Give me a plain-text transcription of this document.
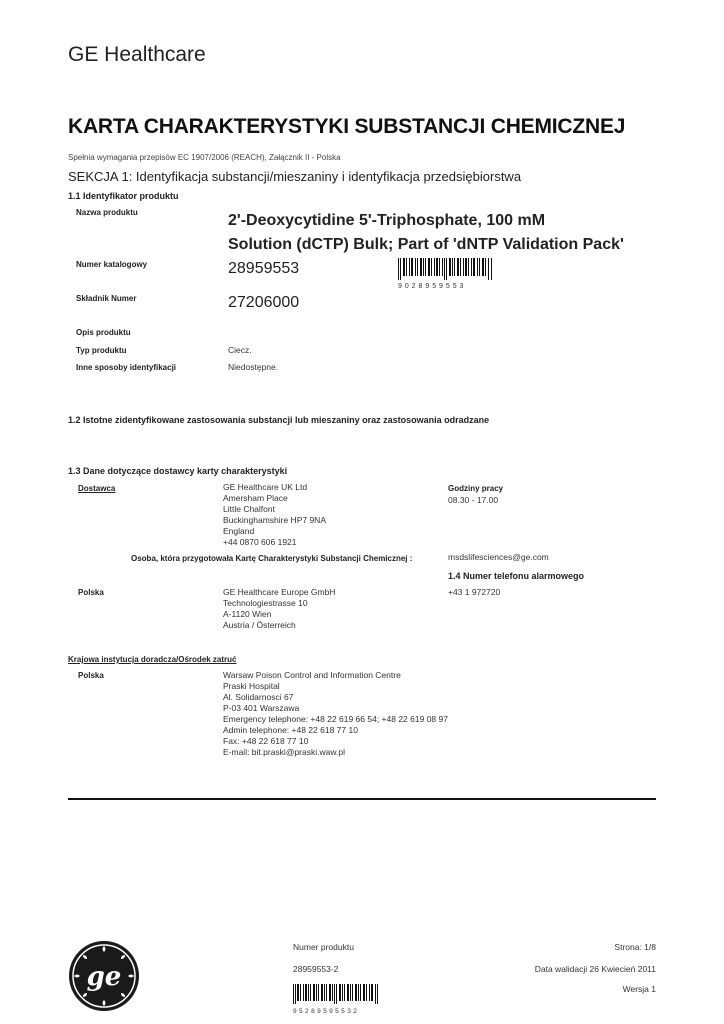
GE Healthcare
KARTA CHARAKTERYSTYKI SUBSTANCJI CHEMICZNEJ
Spełnia wymagania przepisów EC 1907/2006 (REACH), Załącznik II - Polska
SEKCJA 1: Identyfikacja substancji/mieszaniny i identyfikacja przedsiębiorstwa
1.1 Identyfikator produktu
Nazwa produktu	2'-Deoxycytidine 5'-Triphosphate, 100 mM
Solution (dCTP) Bulk; Part of 'dNTP Validation Pack'
Numer katalogowy	28959553
9 0 2 8 9 5 9 5 5 3
Składnik Numer	27206000
Opis produktu
Typ produktu	Ciecz.
Inne sposoby identyfikacji	Niedostępne.
1.2 Istotne zidentyfikowane zastosowania substancji lub mieszaniny oraz zastosowania odradzane
1.3 Dane dotyczące dostawcy karty charakterystyki
Dostawca	GE Healthcare UK Ltd
Amersham Place
Little Chalfont
Buckinghamshire HP7 9NA
England
+44 0870 606 1921
Godziny pracy
08.30 - 17.00
Osoba, która przygotowała Kartę Charakterystyki Substancji Chemicznej :	msdslifesciences@ge.com
1.4 Numer telefonu alarmowego
Polska	GE Healthcare Europe GmbH
Technologiestrasse 10
A-1120 Wien
Austria / Österreich
+43 1 972720
Krajowa instytucja doradcza/Ośrodek zatruć
Polska	Warsaw Poison Control and Information Centre
Praski Hospital
Al. Solidarnosci 67
P-03 401 Warszawa
Emergency telephone: +48 22 619 66 54; +48 22 619 08 97
Admin telephone: +48 22 618 77 10
Fax: +48 22 618 77 10
E-mail: bit.praski@praski.waw.pl
ge
Numer produktu
28959553-2
9 5 2 8 9 5 9 5 5 3 2
Strona: 1/8
Data walidacji 26 Kwiecień 2011
Wersja 1
